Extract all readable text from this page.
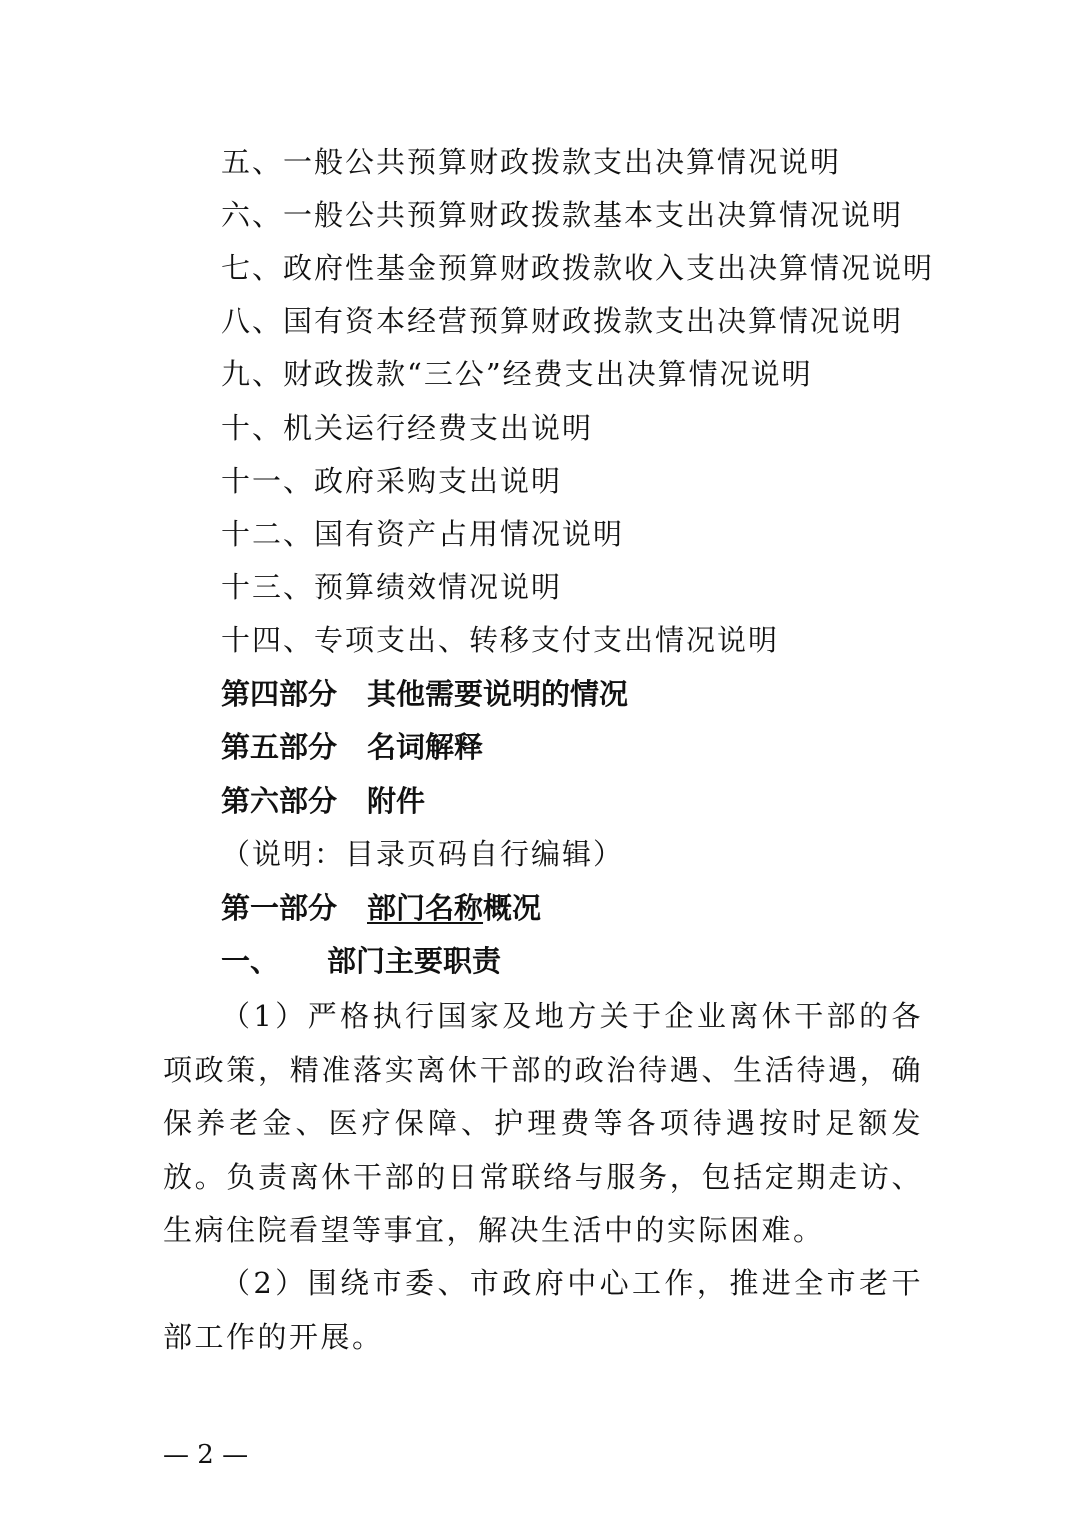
五、一般公共预算财政拨款支出决算情况说明
六、一般公共预算财政拨款基本支出决算情况说明
七、政府性基金预算财政拨款收入支出决算情况说明
八、国有资本经营预算财政拨款支出决算情况说明
九、财政拨款“三公”经费支出决算情况说明
十、机关运行经费支出说明
十一、政府采购支出说明
十二、国有资产占用情况说明
十三、预算绩效情况说明
十四、专项支出、转移支付支出情况说明
第四部分 其他需要说明的情况
第五部分 名词解释
第六部分 附件
（说明：目录页码自行编辑）
第一部分 部门名称概况
一、 部门主要职责
（1）严格执行国家及地方关于企业离休干部的各项政策，精准落实离休干部的政治待遇、生活待遇，确保养老金、医疗保障、护理费等各项待遇按时足额发放。负责离休干部的日常联络与服务，包括定期走访、生病住院看望等事宜，解决生活中的实际困难。
（2）围绕市委、市政府中心工作，推进全市老干部工作的开展。
— 2 —
